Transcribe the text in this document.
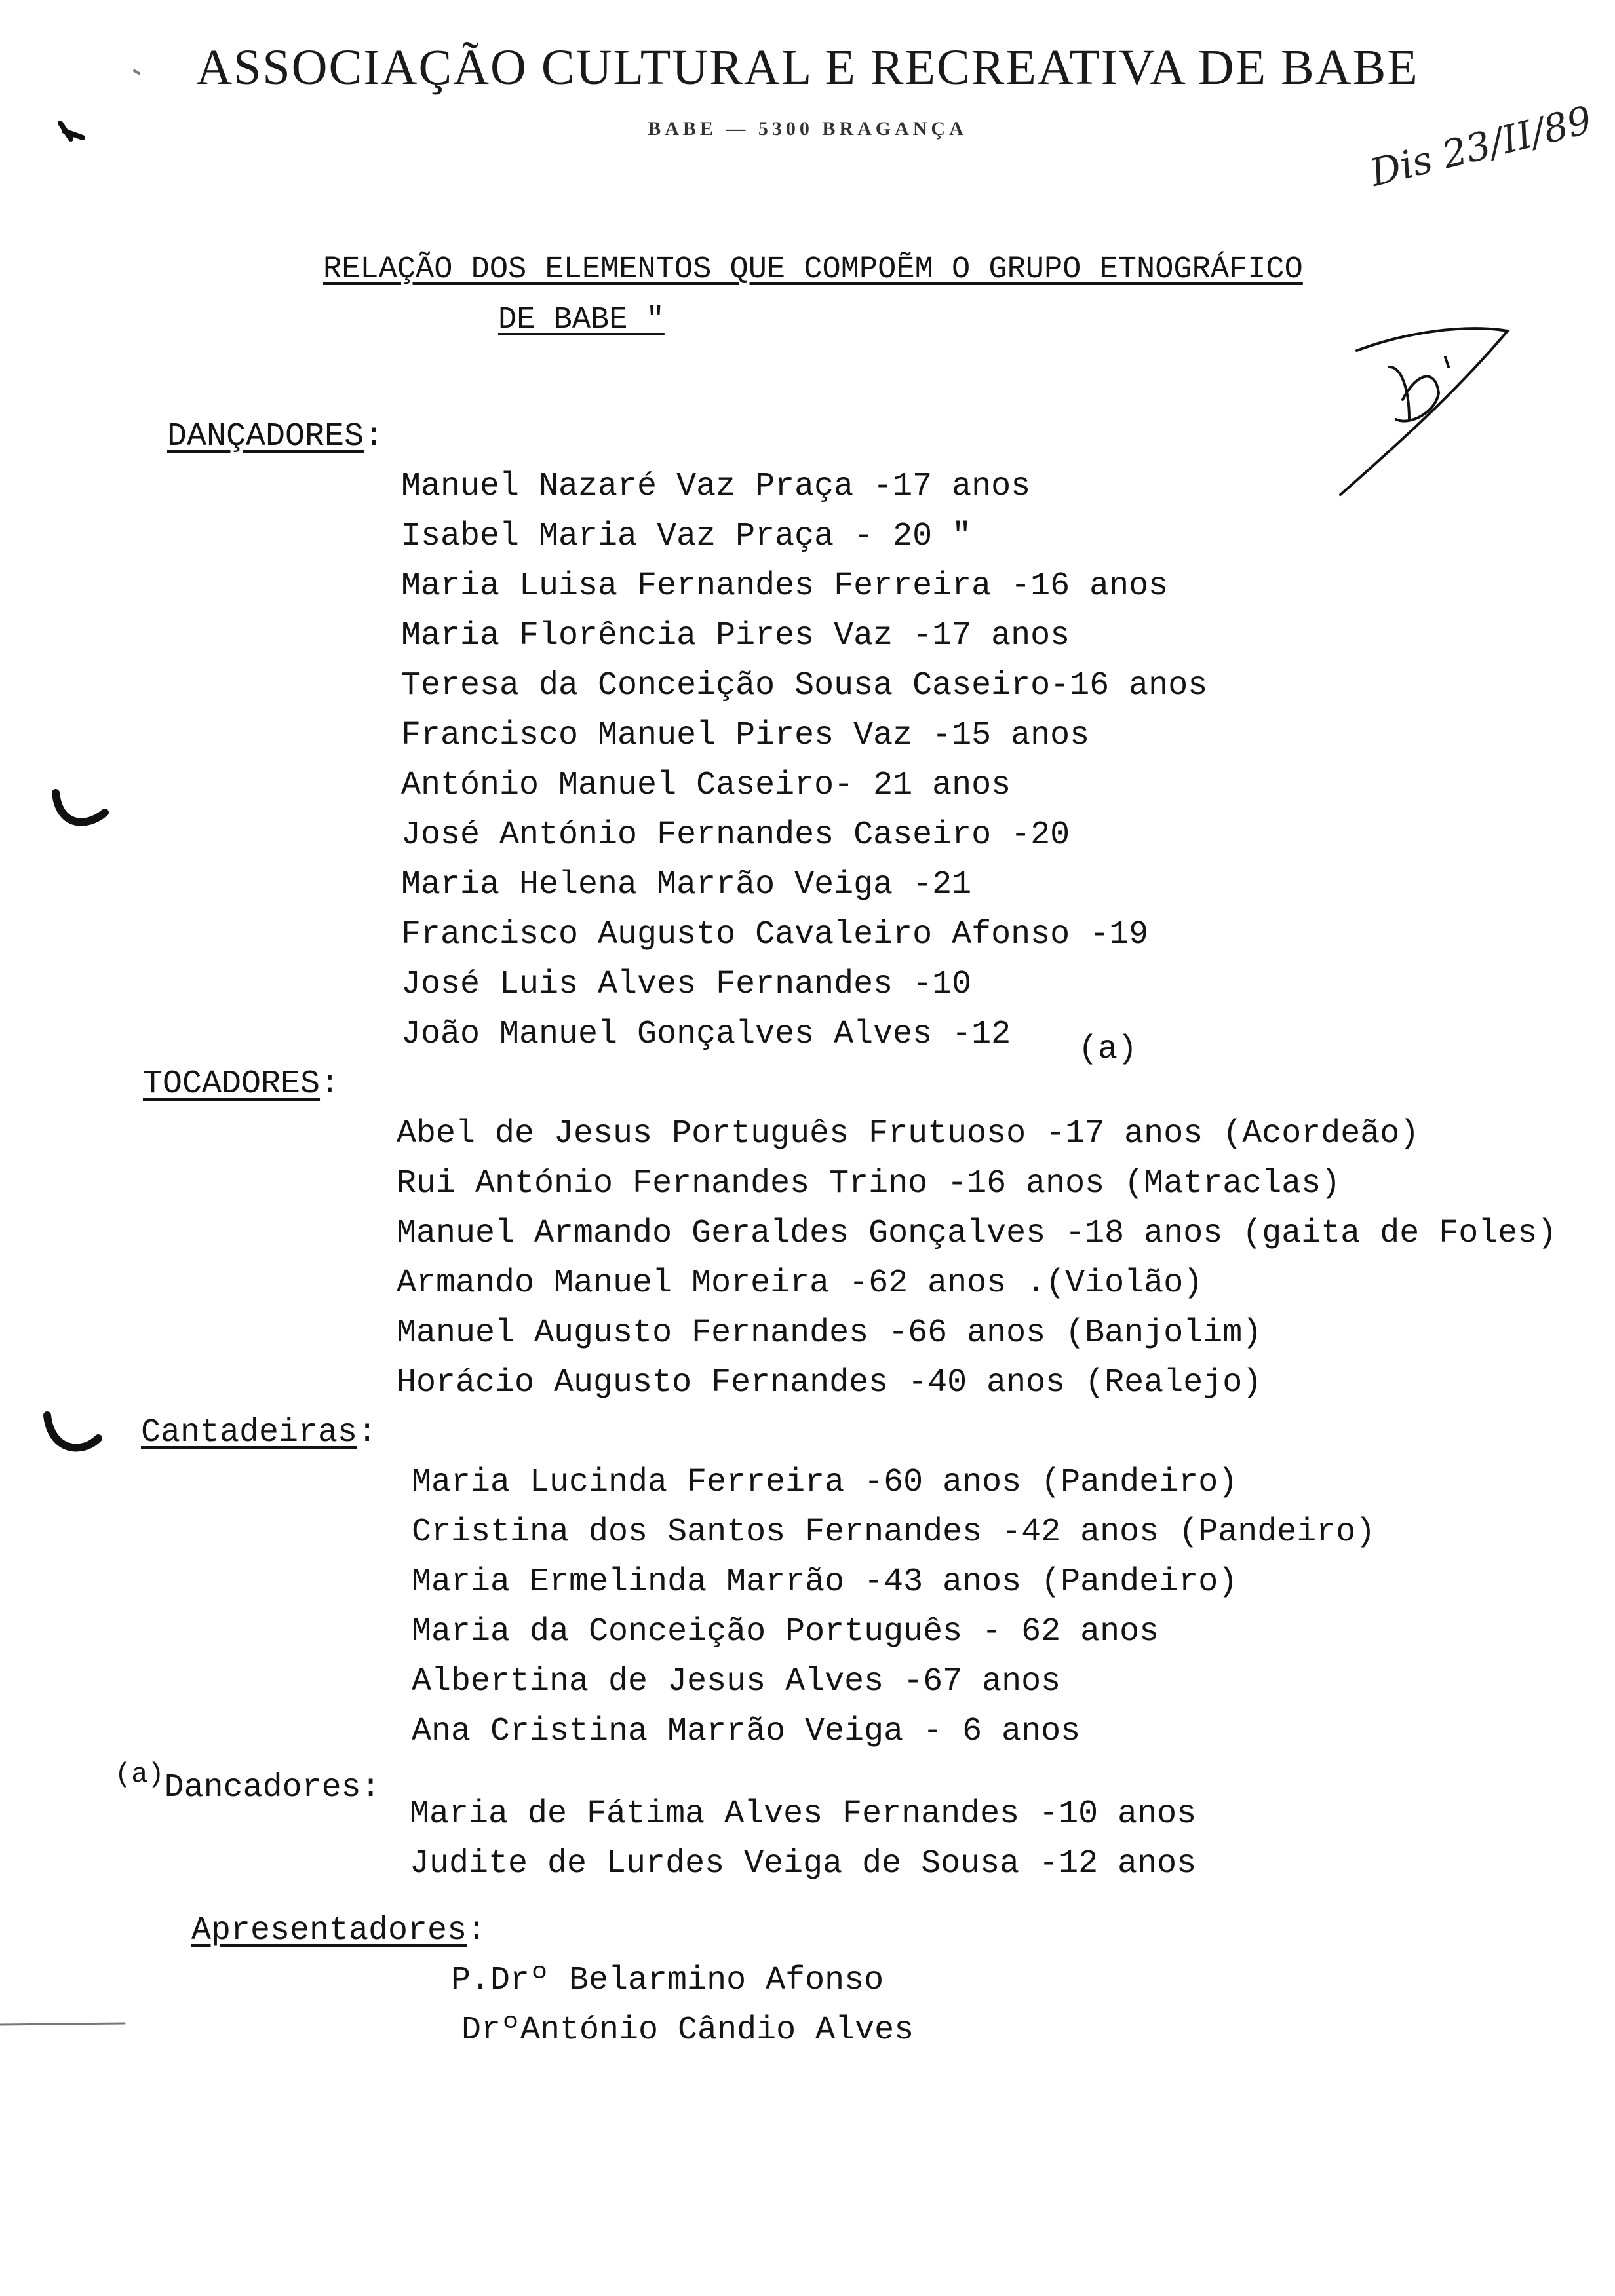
ASSOCIAÇÃO CULTURAL E RECREATIVA DE BABE
BABE — 5300 BRAGANÇA	Dis 23/II/89
RELAÇÃO DOS ELEMENTOS QUE COMPOẼM O GRUPO ETNOGRÁFICO
DE BABE "
DANÇADORES:
Manuel Nazaré Vaz Praça -17 anos
Isabel Maria Vaz Praça - 20 "
Maria Luisa Fernandes Ferreira -16 anos
Maria Florência Pires Vaz -17 anos
Teresa da Conceição Sousa Caseiro-16 anos
Francisco Manuel Pires Vaz -15 anos
António Manuel Caseiro- 21 anos
José António Fernandes Caseiro -20
Maria Helena Marrão Veiga -21
Francisco Augusto Cavaleiro Afonso -19
José Luis Alves Fernandes -10
João Manuel Gonçalves Alves -12 (a)
TOCADORES:
Abel de Jesus Português Frutuoso -17 anos (Acordeão)
Rui António Fernandes Trino -16 anos (Matraclas)
Manuel Armando Geraldes Gonçalves -18 anos (gaita de Foles)
Armando Manuel Moreira -62 anos .(Violão)
Manuel Augusto Fernandes -66 anos (Banjolim)
Horácio Augusto Fernandes -40 anos (Realejo)
Cantadeiras:
Maria Lucinda Ferreira -60 anos (Pandeiro)
Cristina dos Santos Fernandes -42 anos (Pandeiro)
Maria Ermelinda Marrão -43 anos (Pandeiro)
Maria da Conceição Português - 62 anos
Albertina de Jesus Alves -67 anos
Ana Cristina Marrão Veiga - 6 anos
$^{(a)}$Dancadores:
Maria de Fátima Alves Fernandes -10 anos
Judite de Lurdes Veiga de Sousa -12 anos
Apresentadores:
P.Drº Belarmino Afonso
DrºAntónio Cândio Alves
